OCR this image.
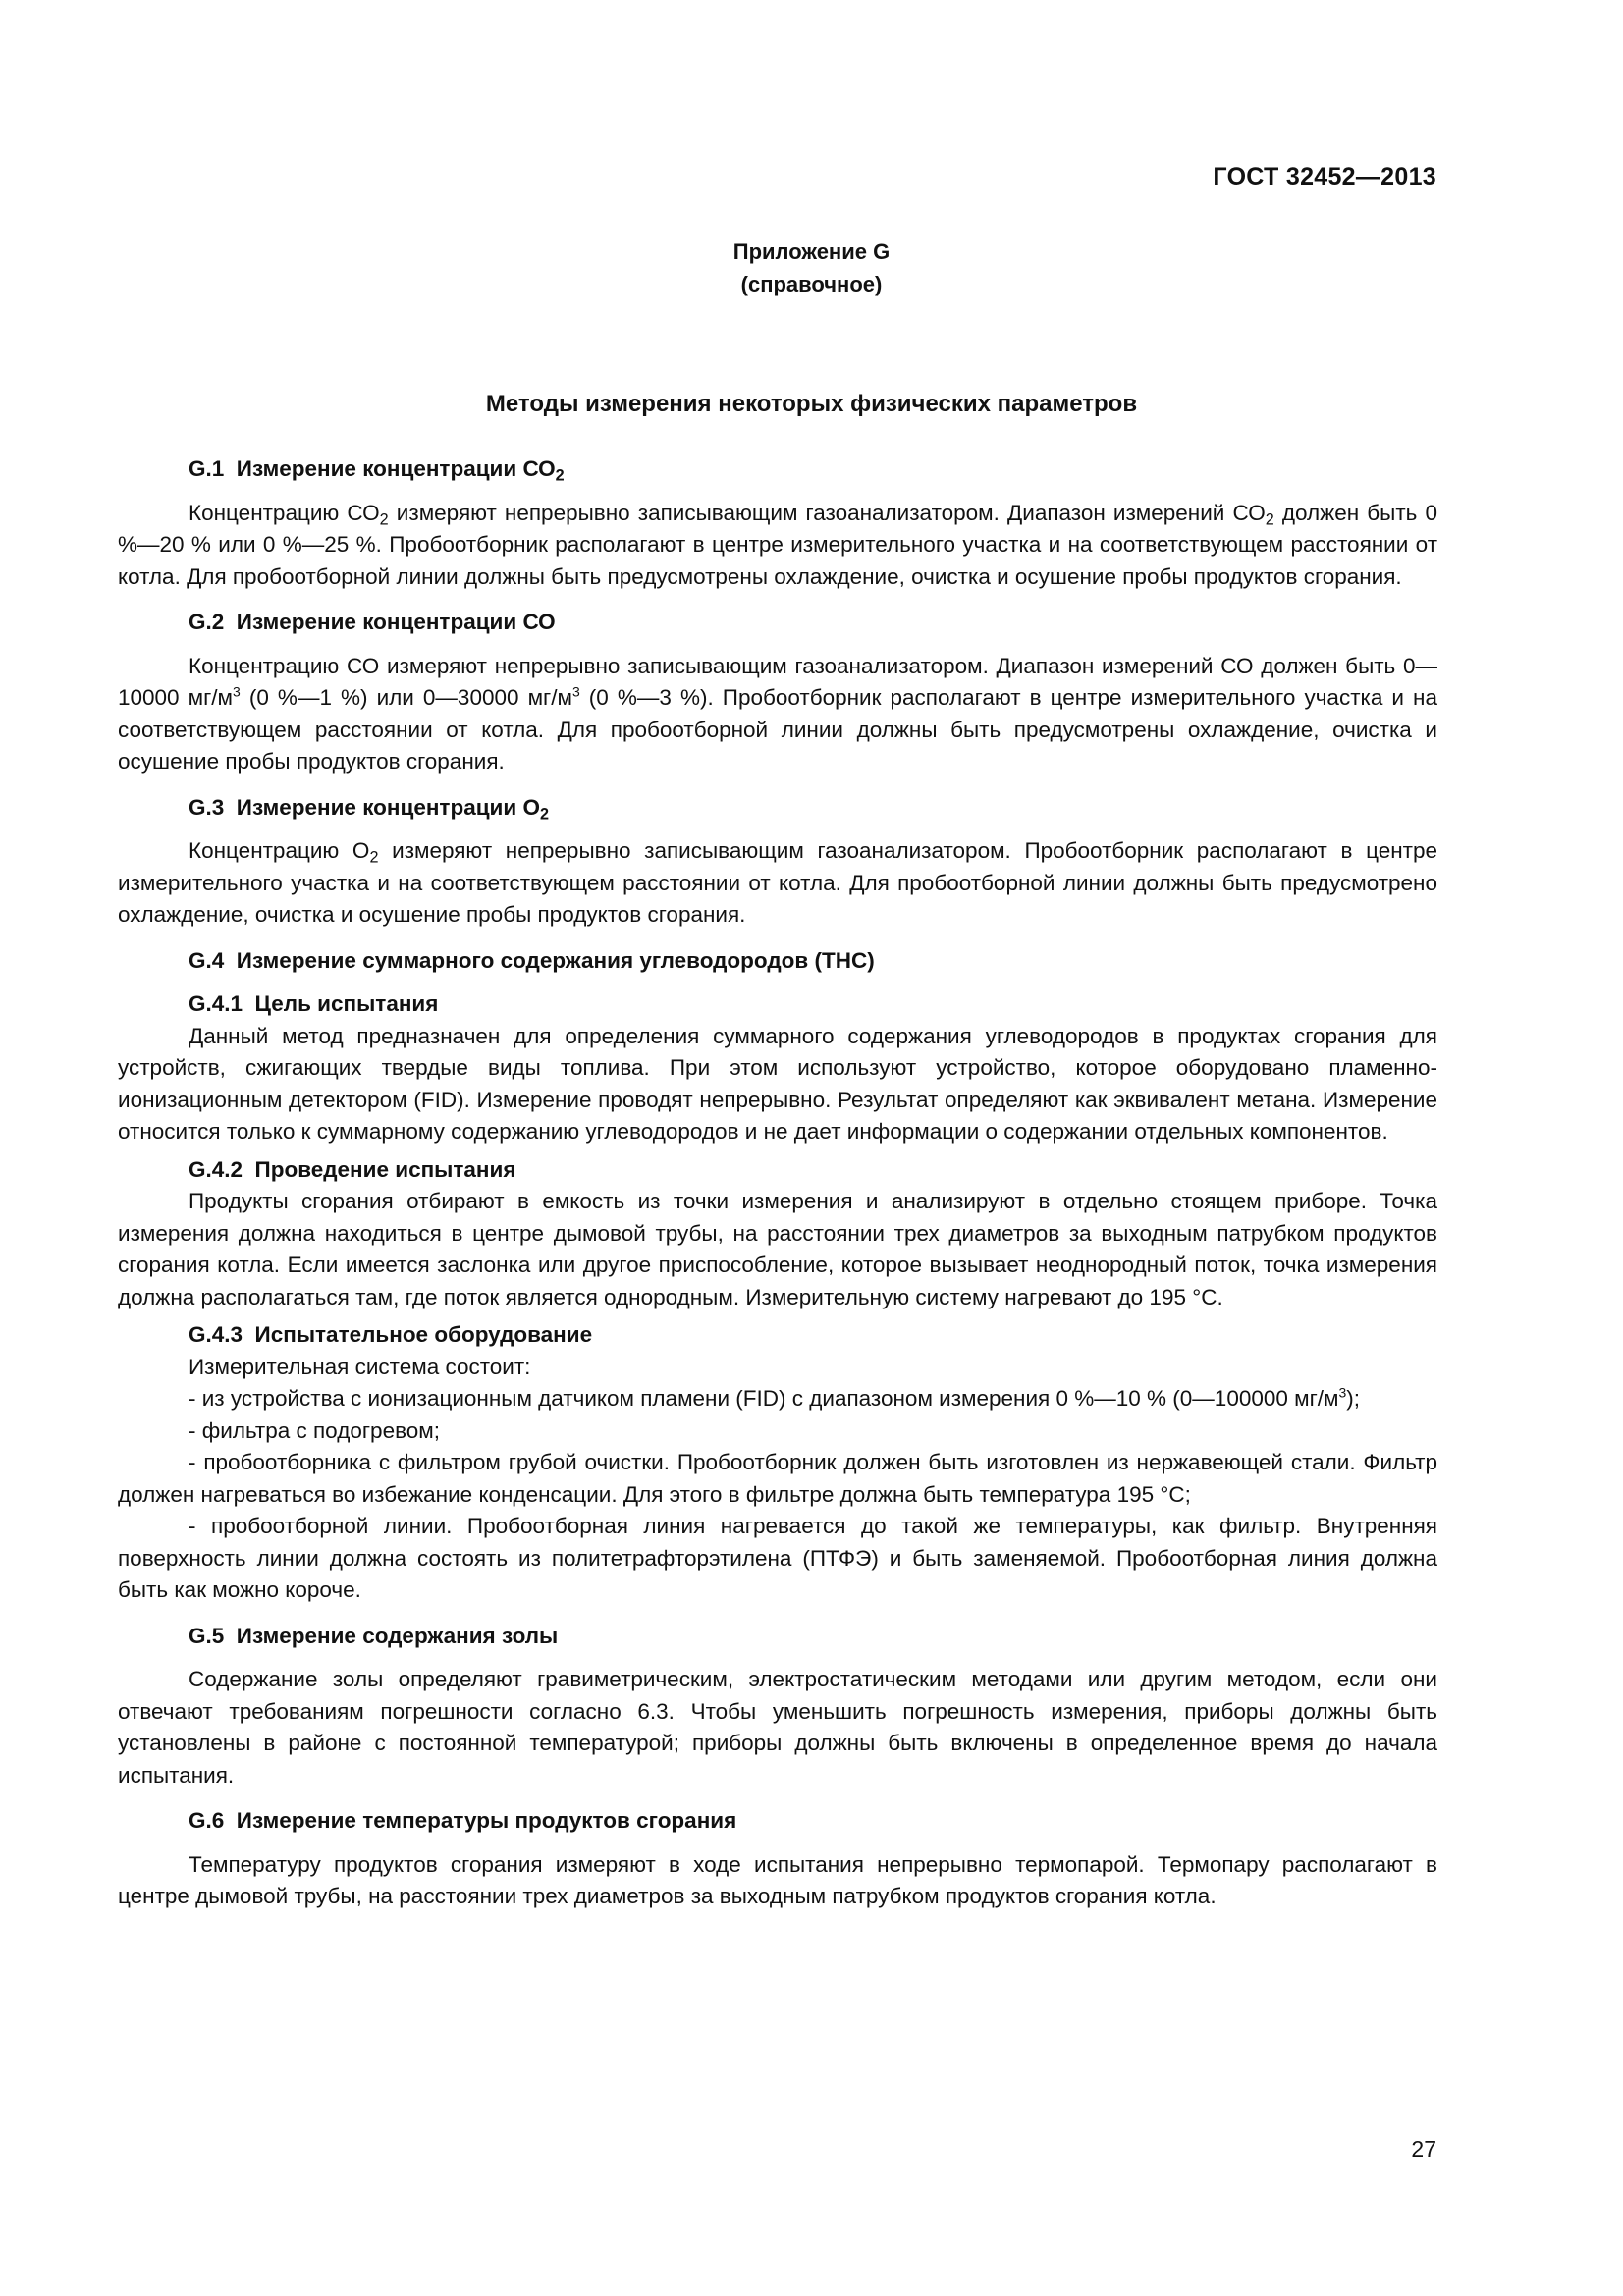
ГОСТ 32452—2013
Приложение G
(справочное)
Методы измерения некоторых физических параметров
G.1 Измерение концентрации $СО_2$

Концентрацию $СО_2$ измеряют непрерывно записывающим газоанализатором. Диапазон измерений $СО_2$ должен быть 0 %—20 % или 0 %—25 %. Пробоотборник располагают в центре измерительного участка и на соответствующем расстоянии от котла. Для пробоотборной линии должны быть предусмотрены охлаждение, очистка и осушение пробы продуктов сгорания.

G.2 Измерение концентрации СО

Концентрацию СО измеряют непрерывно записывающим газоанализатором. Диапазон измерений СО должен быть 0—10000 $мг/м^3$ (0 %—1 %) или 0—30000 $мг/м^3$ (0 %—3 %). Пробоотборник располагают в центре измерительного участка и на соответствующем расстоянии от котла. Для пробоотборной линии должны быть предусмотрены охлаждение, очистка и осушение пробы продуктов сгорания.

G.3 Измерение концентрации $О_2$

Концентрацию $О_2$ измеряют непрерывно записывающим газоанализатором. Пробоотборник располагают в центре измерительного участка и на соответствующем расстоянии от котла. Для пробоотборной линии должны быть предусмотрено охлаждение, очистка и осушение пробы продуктов сгорания.

G.4 Измерение суммарного содержания углеводородов (THC)
G.4.1 Цель испытания

Данный метод предназначен для определения суммарного содержания углеводородов в продуктах сгорания для устройств, сжигающих твердые виды топлива. При этом используют устройство, которое оборудовано пламенно-ионизационным детектором (FID). Измерение проводят непрерывно. Результат определяют как эквивалент метана. Измерение относится только к суммарному содержанию углеводородов и не дает информации о содержании отдельных компонентов.

G.4.2 Проведение испытания

Продукты сгорания отбирают в емкость из точки измерения и анализируют в отдельно стоящем приборе. Точка измерения должна находиться в центре дымовой трубы, на расстоянии трех диаметров за выходным патрубком продуктов сгорания котла. Если имеется заслонка или другое приспособление, которое вызывает неоднородный поток, точка измерения должна располагаться там, где поток является однородным. Измерительную систему нагревают до 195 °С.

G.4.3 Испытательное оборудование

Измерительная система состоит:

- из устройства с ионизационным датчиком пламени (FID) с диапазоном измерения 0 %—10 % (0—100000 $мг/м^3$);

- фильтра с подогревом;

- пробоотборника с фильтром грубой очистки. Пробоотборник должен быть изготовлен из нержавеющей стали. Фильтр должен нагреваться во избежание конденсации. Для этого в фильтре должна быть температура 195 °С;

- пробоотборной линии. Пробоотборная линия нагревается до такой же температуры, как фильтр. Внутренняя поверхность линии должна состоять из политетрафторэтилена (ПТФЭ) и быть заменяемой. Пробоотборная линия должна быть как можно короче.

G.5 Измерение содержания золы

Содержание золы определяют гравиметрическим, электростатическим методами или другим методом, если они отвечают требованиям погрешности согласно 6.3. Чтобы уменьшить погрешность измерения, приборы должны быть установлены в районе с постоянной температурой; приборы должны быть включены в определенное время до начала испытания.

G.6 Измерение температуры продуктов сгорания

Температуру продуктов сгорания измеряют в ходе испытания непрерывно термопарой. Термопару располагают в центре дымовой трубы, на расстоянии трех диаметров за выходным патрубком продуктов сгорания котла.

27
